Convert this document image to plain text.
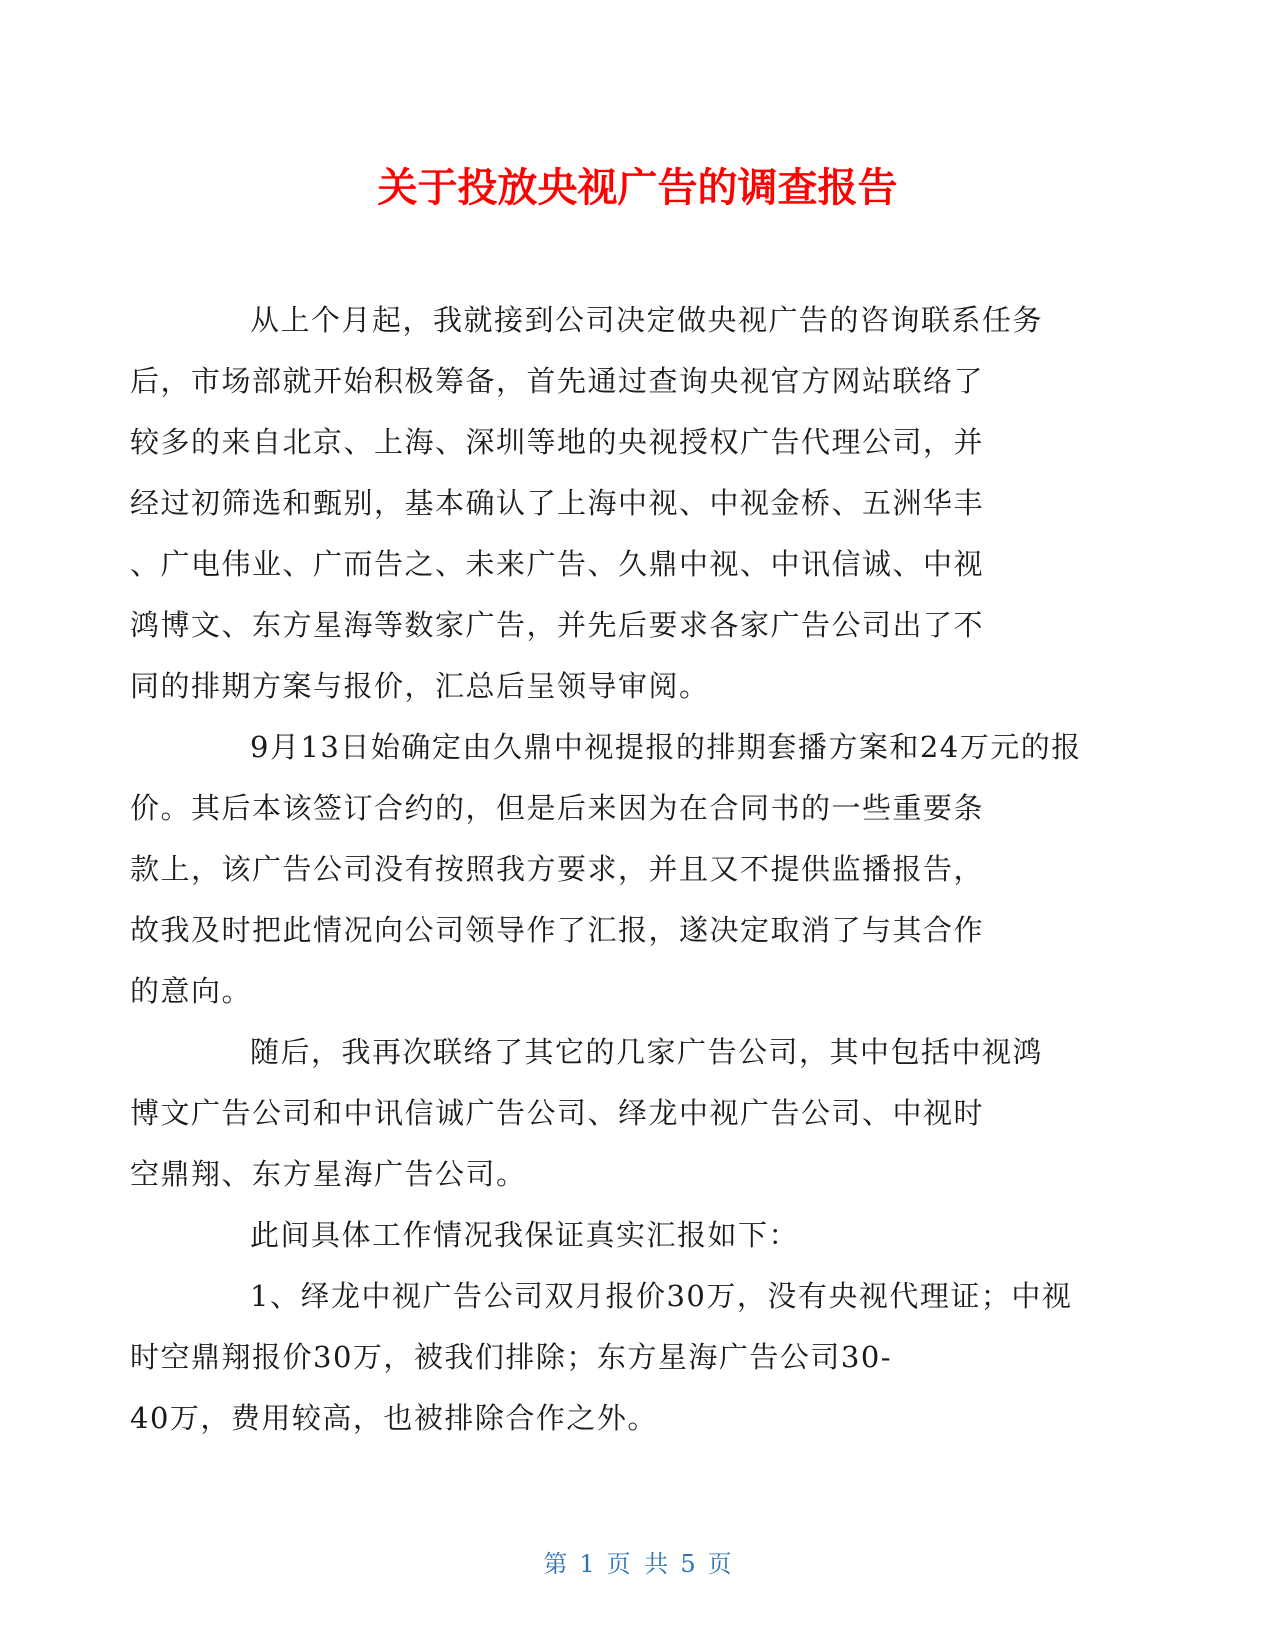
关于投放央视广告的调查报告

从上个月起，我就接到公司决定做央视广告的咨询联系任务
后，市场部就开始积极筹备，首先通过查询央视官方网站联络了
较多的来自北京、上海、深圳等地的央视授权广告代理公司，并
经过初筛选和甄别，基本确认了上海中视、中视金桥、五洲华丰
、广电伟业、广而告之、未来广告、久鼎中视、中讯信诚、中视
鸿博文、东方星海等数家广告，并先后要求各家广告公司出了不
同的排期方案与报价，汇总后呈领导审阅。

9月13日始确定由久鼎中视提报的排期套播方案和24万元的报
价。其后本该签订合约的，但是后来因为在合同书的一些重要条
款上，该广告公司没有按照我方要求，并且又不提供监播报告，
故我及时把此情况向公司领导作了汇报，遂决定取消了与其合作
的意向。

随后，我再次联络了其它的几家广告公司，其中包括中视鸿
博文广告公司和中讯信诚广告公司、绎龙中视广告公司、中视时
空鼎翔、东方星海广告公司。

此间具体工作情况我保证真实汇报如下：

1、绎龙中视广告公司双月报价30万，没有央视代理证；中视
时空鼎翔报价30万，被我们排除；东方星海广告公司30-
40万，费用较高，也被排除合作之外。

第 1 页 共 5 页
